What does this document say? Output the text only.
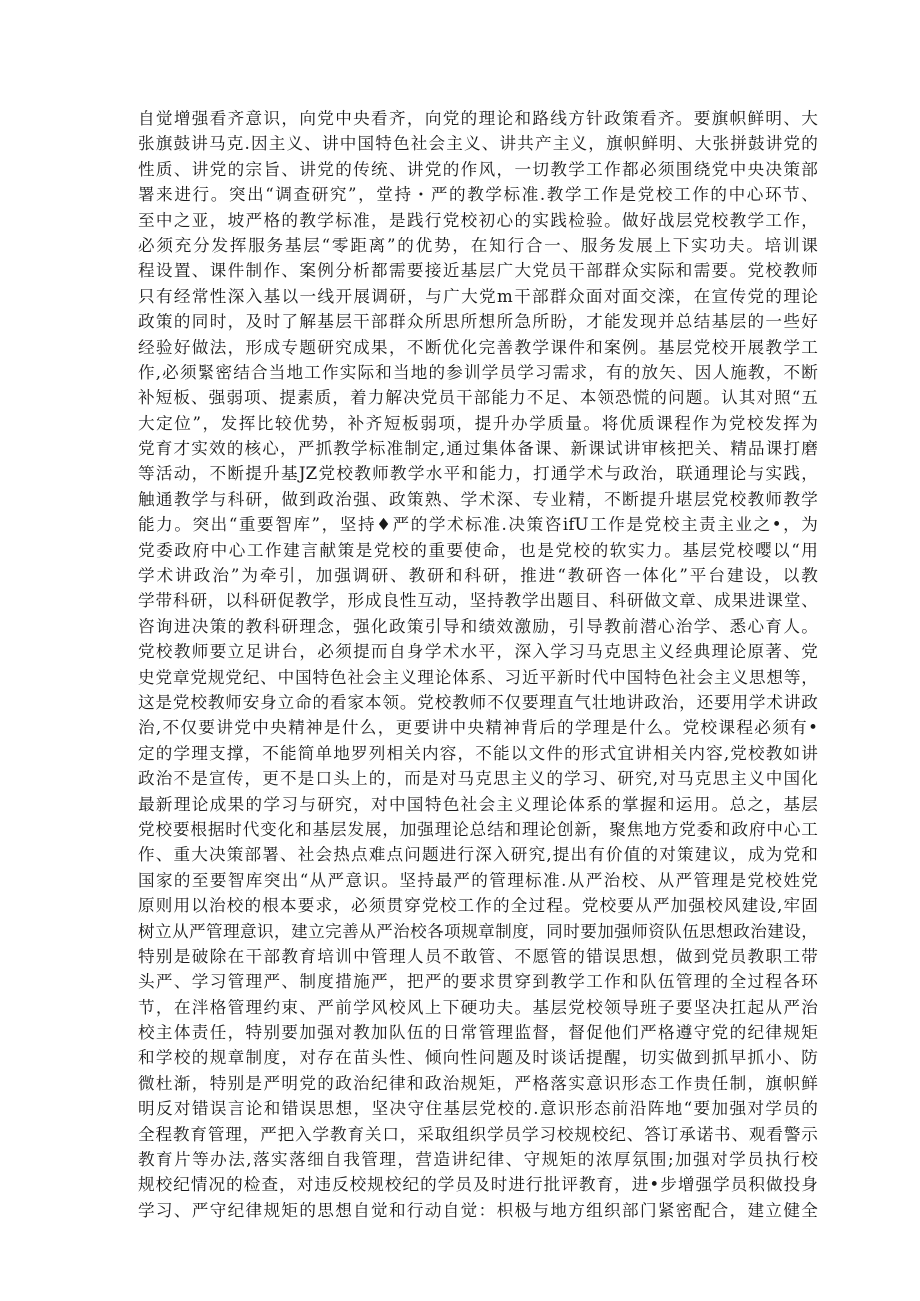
自觉增强看齐意识，向党中央看齐，向党的理论和路线方针政策看齐。要旗帜鲜明、大
张旗鼓讲马克.因主义、讲中国特色社会主义、讲共产主义，旗帜鲜明、大张拼鼓讲党的
性质、讲党的宗旨、讲党的传统、讲党的作风，一切教学工作都必须围绕党中央决策部
署来进行。突出“调查研究”，堂持・严的教学标准.教学工作是党校工作的中心环节、
至中之亚，坡严格的教学标准，是践行党校初心的实践检验。做好战层党校教学工作，
必须充分发挥服务基层“零距离”的优势，在知行合一、服务发展上下实功夫。培训课
程设置、课件制作、案例分析都需要接近基层广大党员干部群众实际和需要。党校教师
只有经常性深入基以一线开展调研，与广大党m干部群众面对面交滦，在宣传党的理论
政策的同时，及时了解基层干部群众所思所想所急所盼，才能发现并总结基层的一些好
经验好做法，形成专题研究成果，不断优化完善教学课件和案例。基层党校开展教学工
作,必须緊密结合当地工作实际和当地的参训学员学习需求，有的放矢、因人施教，不断
补短板、强弱项、提素质，着力解决党员干部能力不足、本领恐慌的问题。认其对照“五
大定位”，发挥比较优势，补齐短板弱项，提升办学质量。将优质课程作为党校发挥为
党育才实效的核心，严抓教学标准制定,通过集体备课、新课试讲审核把关、精品课打磨
等活动，不断提升基JZ党校教师教学水平和能力，打通学术与政治，联通理论与实践，
触通教学与科研，做到政治强、政策熟、学术深、专业精，不断提升堪层党校教师教学
能力。突出“重要智库”，坚持♦严的学术标准.决策咨ifU工作是党校主责主业之•，为
党委政府中心工作建言献策是党校的重要使命，也是党校的软实力。基层党校嘤以“用
学术讲政治”为牵引，加强调研、教研和科研，推进“教研咨一体化”平台建设，以教
学带科研，以科研促教学，形成良性互动，坚持教学出题目、科研做文章、成果进课堂、
咨询进决策的教科研理念，强化政策引导和绩效激励，引导教前潜心治学、悉心育人。
党校教师要立足讲台，必须提而自身学术水平，深入学习马克思主义经典理论原著、党
史党章党规党纪、中国特色社会主义理论体系、习近平新时代中国特色社会主义思想等，
这是党校教师安身立命的看家本领。党校教师不仅要理直气壮地讲政治，还要用学术讲政
治,不仅要讲党中央精神是什么，更要讲中央精神背后的学理是什么。党校课程必须有•
定的学理支撑，不能简单地罗列相关内容，不能以文件的形式宜讲相关内容,党校教如讲
政治不是宣传，更不是口头上的，而是对马克思主义的学习、研究,对马克思主义中国化
最新理论成果的学习与研究，对中国特色社会主义理论体系的掌握和运用。总之，基层
党校要根据时代变化和基层发展，加强理论总结和理论创新，聚焦地方党委和政府中心工
作、重大决策部署、社会热点难点问题进行深入研究,提出有价值的对策建议，成为党和
国家的至要智库突出“从严意识。坚持最严的管理标准.从严治校、从严管理是党校姓党
原则用以治校的根本要求，必须贯穿党校工作的全过程。党校要从严加强校风建设,牢固
树立从严管理意识，建立完善从严治校各项规章制度，同时要加强师资队伍思想政治建设，
特别是破除在干部教育培训中管理人员不敢管、不愿管的错误思想，做到党员教职工带
头严、学习管理严、制度措施严，把严的要求贯穿到教学工作和队伍管理的全过程各环
节，在泮格管理约束、严前学风校风上下硬功夫。基层党校领导班子要坚决扛起从严治
校主体责任，特别要加强对教加队伍的日常管理监督，督促他们严格遵守党的纪律规矩
和学校的规章制度，对存在苗头性、倾向性问题及时谈话提醒，切实做到抓早抓小、防
微杜渐，特别是严明党的政治纪律和政治规矩，严格落实意识形态工作贵任制，旗帜鲜
明反对错误言论和错误思想，坚决守住基层党校的.意识形态前沿阵地“要加强对学员的
全程教育管理，严把入学教育关口，采取组织学员学习校规校纪、答订承诺书、观看警示
教育片等办法,落实落细自我管理，营造讲纪律、守规矩的浓厚氛围;加强对学员执行校
规校纪情况的检查，对违反校规校纪的学员及时进行批评教育，进•步增强学员积做投身
学习、严守纪律规矩的思想自觉和行动自觉：枳极与地方组织部门紧密配合，建立健全
